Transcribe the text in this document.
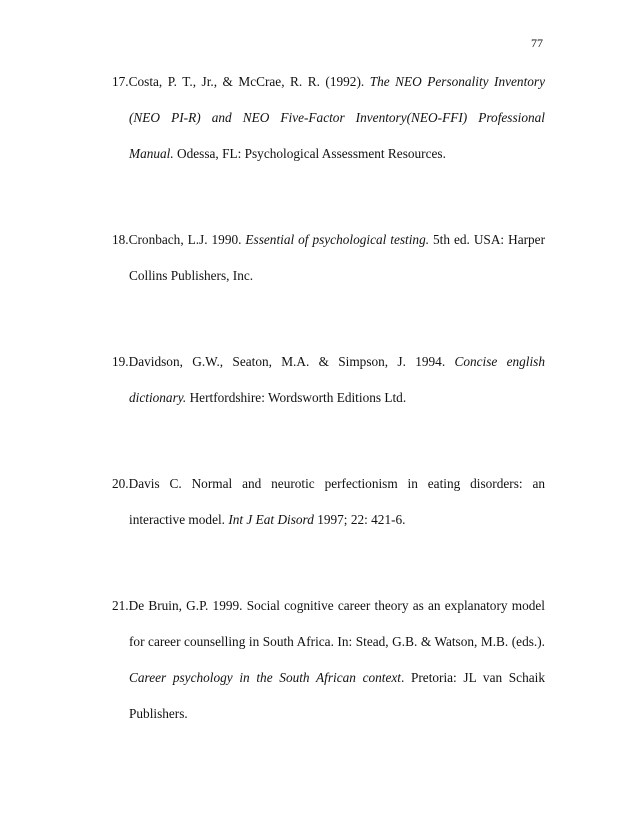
77
17.Costa, P. T., Jr., & McCrae, R. R. (1992). The NEO Personality Inventory (NEO PI-R) and NEO Five-Factor Inventory(NEO-FFI) Professional Manual. Odessa, FL: Psychological Assessment Resources.
18.Cronbach, L.J. 1990. Essential of psychological testing. 5th ed. USA: Harper Collins Publishers, Inc.
19.Davidson, G.W., Seaton, M.A. & Simpson, J. 1994. Concise english dictionary. Hertfordshire: Wordsworth Editions Ltd.
20.Davis C. Normal and neurotic perfectionism in eating disorders: an interactive model. Int J Eat Disord 1997; 22: 421-6.
21.De Bruin, G.P. 1999. Social cognitive career theory as an explanatory model for career counselling in South Africa. In: Stead, G.B. & Watson, M.B. (eds.). Career psychology in the South African context. Pretoria: JL van Schaik Publishers.
